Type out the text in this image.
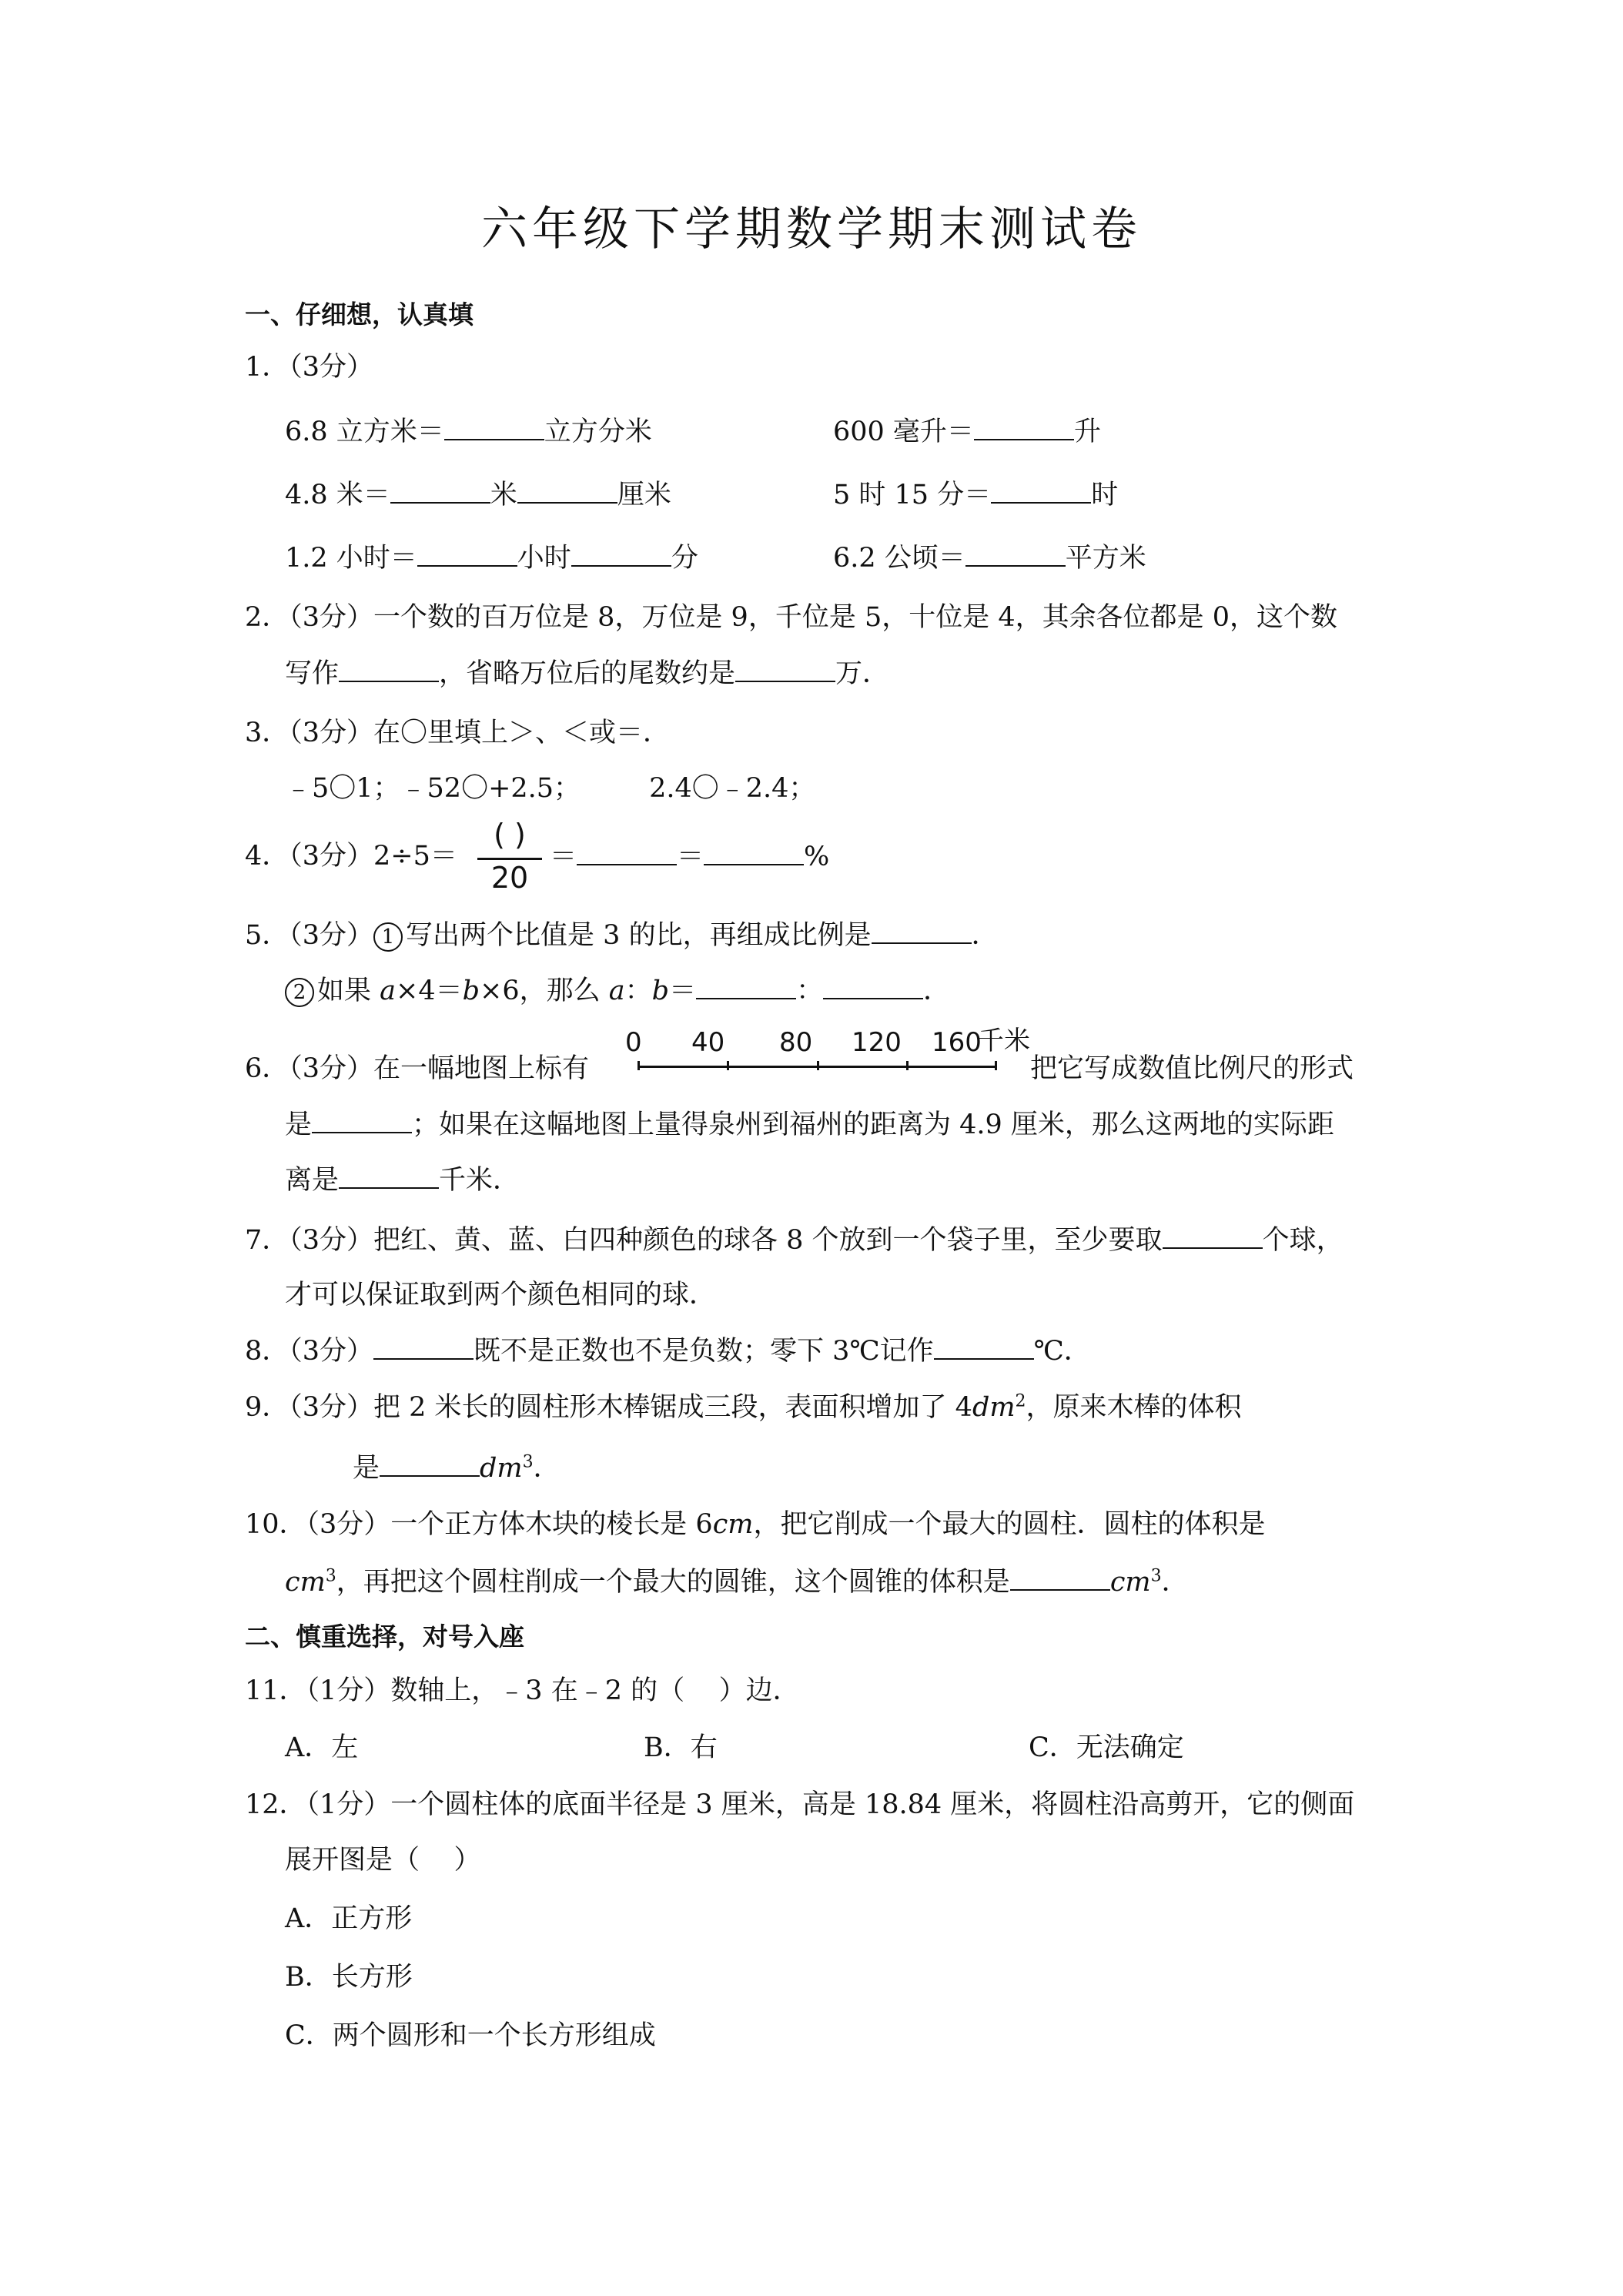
六年级下学期数学期末测试卷
一、仔细想，认真填
1．（3分）
6.8 立方米＝	立方分米	600 毫升＝	升
4.8 米＝	米	厘米	5 时 15 分＝	时
1.2 小时＝	小时	分	6.2 公顷＝	平方米
2．（3分）一个数的百万位是 8，万位是 9，千位是 5，十位是 4，其余各位都是 0，这个数
写作	，省略万位后的尾数约是	万．
3．（3分）在〇里填上＞、＜或＝．
﹣5〇1；﹣52〇+2.5；        2.4〇﹣2.4；
4．（3分）2÷5＝
( )
20
＝	＝	%
5．（3分） 1 写出两个比值是 3 的比，再组成比例是	．
2 如果 a×4＝b×6，那么 a：b＝	：	．
6．（3分）在一幅地图上标有
0 40 80 120 160
千米
把它写成数值比例尺的形式
是	；如果在这幅地图上量得泉州到福州的距离为 4.9 厘米，那么这两地的实际距
离是	千米．
7．（3分）把红、黄、蓝、白四种颜色的球各 8 个放到一个袋子里，至少要取	个球，
才可以保证取到两个颜色相同的球．
8．（3分）	既不是正数也不是负数；零下 3℃记作	℃．
9．（3分）把 2 米长的圆柱形木棒锯成三段，表面积增加了 $4dm^2$，原来木棒的体积
是	$dm^3$．
10．（3分）一个正方体木块的棱长是 6cm，把它削成一个最大的圆柱．圆柱的体积是
$cm^3$，再把这个圆柱削成一个最大的圆锥，这个圆锥的体积是	$cm^3$．
二、慎重选择，对号入座
11．（1分）数轴上，﹣3 在﹣2 的（    ）边．
A．左	B．右	C．无法确定
12．（1分）一个圆柱体的底面半径是 3 厘米，高是 18.84 厘米，将圆柱沿高剪开，它的侧面
展开图是（    ）
A．正方形
B．长方形
C．两个圆形和一个长方形组成
